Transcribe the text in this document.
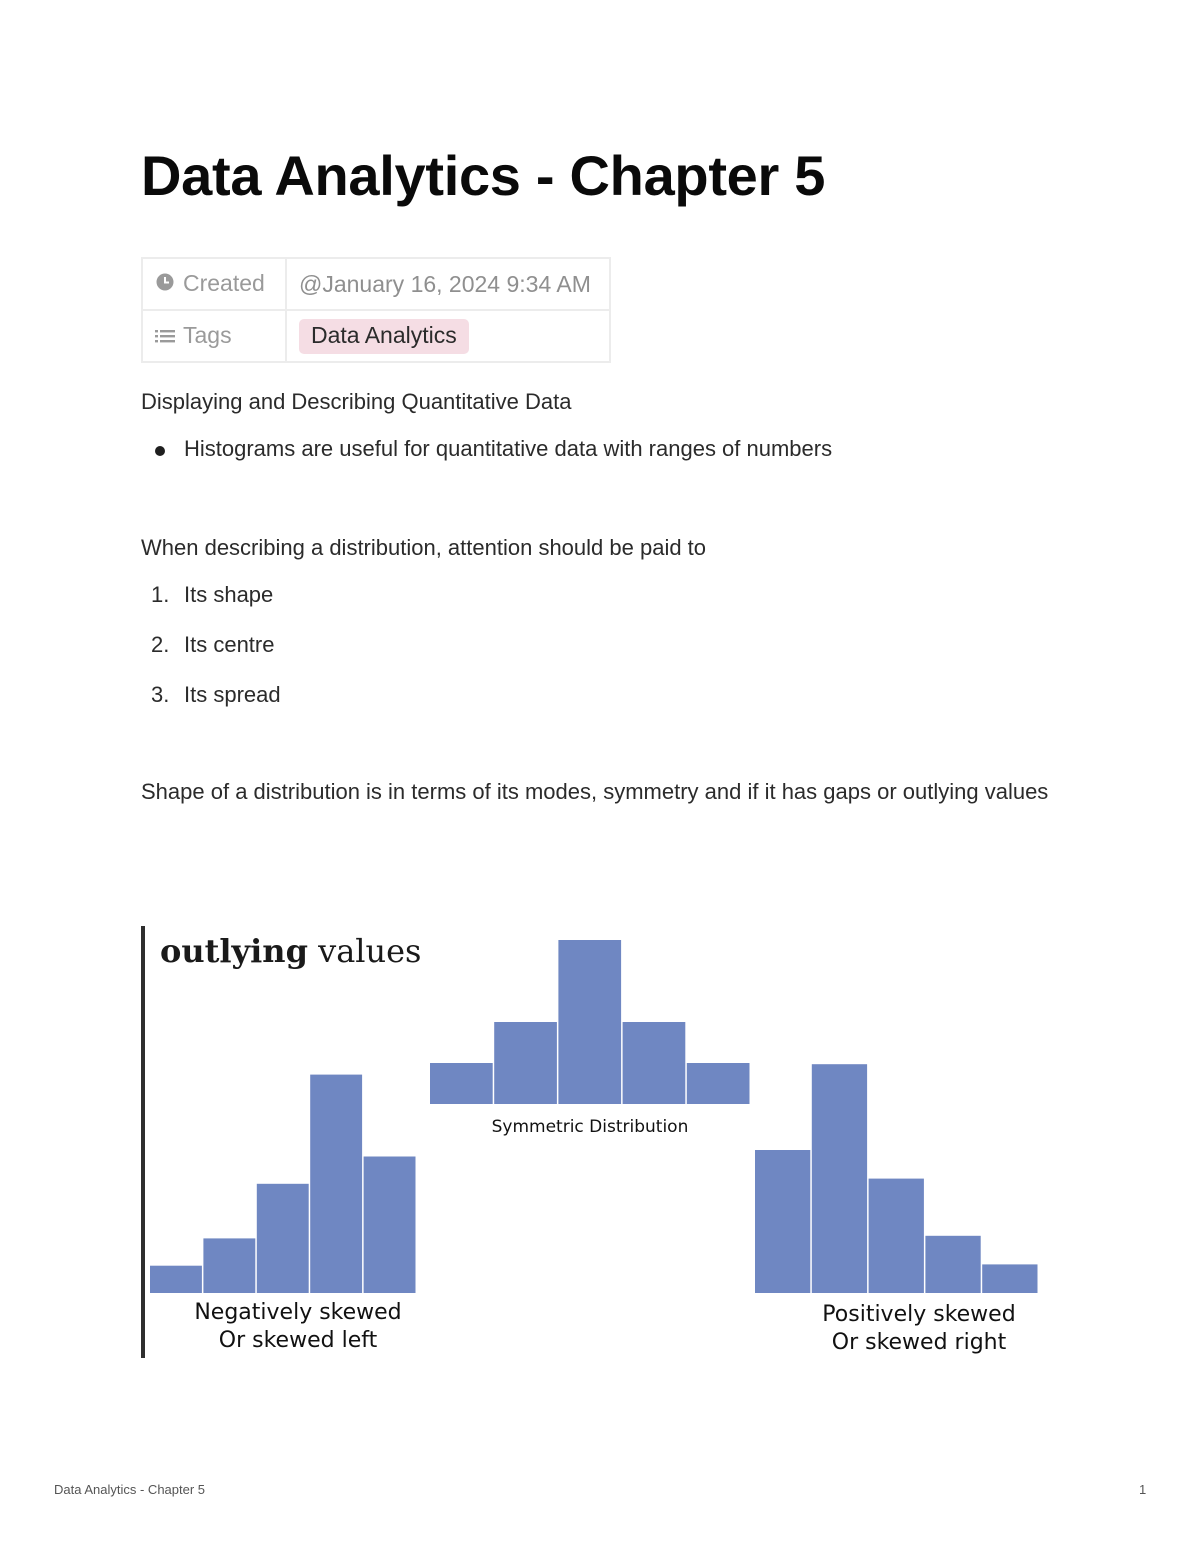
Data Analytics - Chapter 5
Created	@January 16, 2024 9:34 AM
Tags	Data Analytics

Displaying and Describing Quantitative Data

Histograms are useful for quantitative data with ranges of numbers

When describing a distribution, attention should be paid to

1. Its shape

2. Its centre

3. Its spread

Shape of a distribution is in terms of its modes, symmetry and if it has gaps or outlying values

outlying values
Negatively skewed
Or skewed left
Symmetric Distribution
Positively skewed
Or skewed right
Data Analytics - Chapter 5	1
